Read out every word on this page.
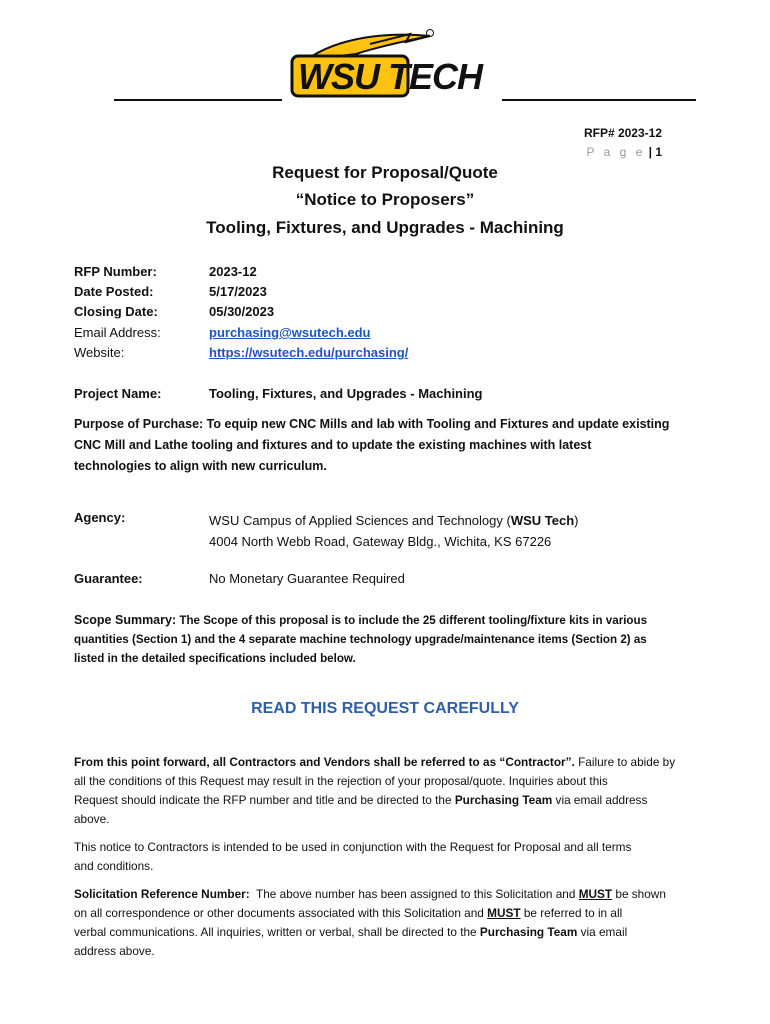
WSU TECH
RFP# 2023-12
P a g e | 1
Request for Proposal/Quote
“Notice to Proposers”
Tooling, Fixtures, and Upgrades - Machining
RFP Number:	2023-12
Date Posted:	5/17/2023
Closing Date:	05/30/2023
Email Address:	purchasing@wsutech.edu
Website:	https://wsutech.edu/purchasing/
Project Name:	Tooling, Fixtures, and Upgrades - Machining
Purpose of Purchase: To equip new CNC Mills and lab with Tooling and Fixtures and update existing
CNC Mill and Lathe tooling and fixtures and to update the existing machines with latest
technologies to align with new curriculum.
Agency:	WSU Campus of Applied Sciences and Technology (WSU Tech)
4004 North Webb Road, Gateway Bldg., Wichita, KS 67226
Guarantee:	No Monetary Guarantee Required
Scope Summary: The Scope of this proposal is to include the 25 different tooling/fixture kits in various
quantities (Section 1) and the 4 separate machine technology upgrade/maintenance items (Section 2) as
listed in the detailed specifications included below.
READ THIS REQUEST CAREFULLY
From this point forward, all Contractors and Vendors shall be referred to as “Contractor”. Failure to abide by
all the conditions of this Request may result in the rejection of your proposal/quote. Inquiries about this
Request should indicate the RFP number and title and be directed to the Purchasing Team via email address
above.
This notice to Contractors is intended to be used in conjunction with the Request for Proposal and all terms
and conditions.
Solicitation Reference Number:  The above number has been assigned to this Solicitation and MUST be shown
on all correspondence or other documents associated with this Solicitation and MUST be referred to in all
verbal communications. All inquiries, written or verbal, shall be directed to the Purchasing Team via email
address above.
